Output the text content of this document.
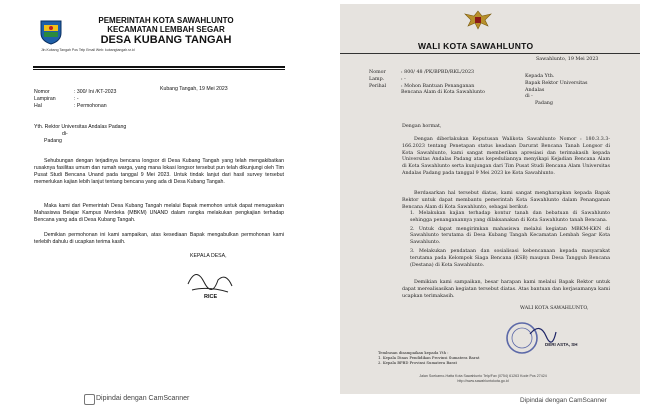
PEMERINTAH KOTA SAWAHLUNTO
KECAMATAN LEMBAH SEGAR
DESA KUBANG TANGAH
Jln.Kubang Tangah Pos Telp Email Web: kubangtangah.sr.id
Kubang Tangah, 19 Mei 2023
Nomor	: 300/ Ini /KT-2023
Lampiran	: -
Hal	: Permohonan
Yth. Rektor Universitas Andalas Padang
di-
Padang
Sehubungan dengan terjadinya bencana longsor di Desa Kubang Tangah yang telah mengakibatkan rusaknya fasilitas umum dan rumah warga, yang mana lokasi longsor tersebut pun telah dikunjungi oleh Tim Pusat Studi Bencana Unand pada tanggal 9 Mei 2023. Untuk tindak lanjut dari hasil survey tersebut memerlukan kajian lebih lanjut tentang bencana yang ada di Desa Kubang Tangah.
Maka kami dari Pemerintah Desa Kubang Tangah melalui Bapak memohon untuk dapat menugaskan Mahasiswa Belajar Kampus Merdeka (MBKM) UNAND dalam rangka melakukan pengkajian terhadap Bencana yang ada di Desa Kubang Tangah.
Demikian permohonan ini kami sampaikan, atas kesediaan Bapak mengabulkan permohonan kami terlebih dahulu di ucapkan terima kasih.
KEPALA DESA,
RICE
Dipindai dengan CamScanner
WALI KOTA SAWAHLUNTO
Sawahlunto, 19 Mei 2023
Nomor	: 800/ 48 /PK/BPBD/RKL/2023
Lamp.	: -
Perihal	: Mohon Bantuan Penanganan Bencana Alam di Kota Sawahlunto
Kepada Yth.
Bapak Rektor Universitas Andalas
di -
Padang
Dengan hormat,
Dengan diberlakukan Keputusan Walikota Sawahlunto Nomor : 180.3.3.3-166.2023 tentang Penetapan status keadaan Darurat Bencana Tanah Longsor di Kota Sawahlunto, kami sangat memberikan apresiasi dan terimakasih kepada Universitas Andalas Padang atas kepeduliannya menyikapi Kejadian Bencana Alam di Kota Sawahlunto serta kunjungan dari Tim Pusat Studi Bencana Alam Universitas Andalas Padang pada tanggal 9 Mei 2023 ke Kota Sawahlunto.
Berdasarkan hal tersebut diatas, kami sangat mengharapkan kepada Bapak Rektor untuk dapat membantu pemerintah Kota Sawahlunto dalam Penanganan Bencana Alam di Kota Sawahlunto, sebagai berikut:
1. Melakukan kajian terhadap kontur tanah dan bebatuan di Sawahlunto sehingga penanganannya yang dilaksanakan di Kota Sawahlunto tanah Bencana.
2. Untuk dapat mengirimkan mahasiswa melalui kegiatan MBKM-KKN di Sawahlunto terutama di Desa Kubang Tangah Kecamatan Lembah Segar Kota Sawahlunto.
3. Melakukan pendataan dan sosialisasi kebencanaan kepada masyarakat terutama pada Kelompok Siaga Bencana (KSB) maupun Desa Tangguh Bencana (Destana) di Kota Sawahlunto.
Demikian kami sampaikan, besar harapan kami melalui Bapak Rektor untuk dapat merealisasikan kegiatan tersebut diatas. Atas bantuan dan kerjasamanya kami ucapkan terimakasih.
WALI KOTA SAWAHLUNTO,
DERI ASTA, SH
Tembusan disampaikan kepada Yth :
1. Kepala Dinas Pendidikan Provinsi Sumatera Barat
2. Kepala BPBD Provinsi Sumatera Barat
Jalan Soekarno-Hatta Kota Sawahlunto Telp/Fax (0754) 61263 Kode Pos 27424 http://www.sawahluntokota.go.id
Dipindai dengan CamScanner
